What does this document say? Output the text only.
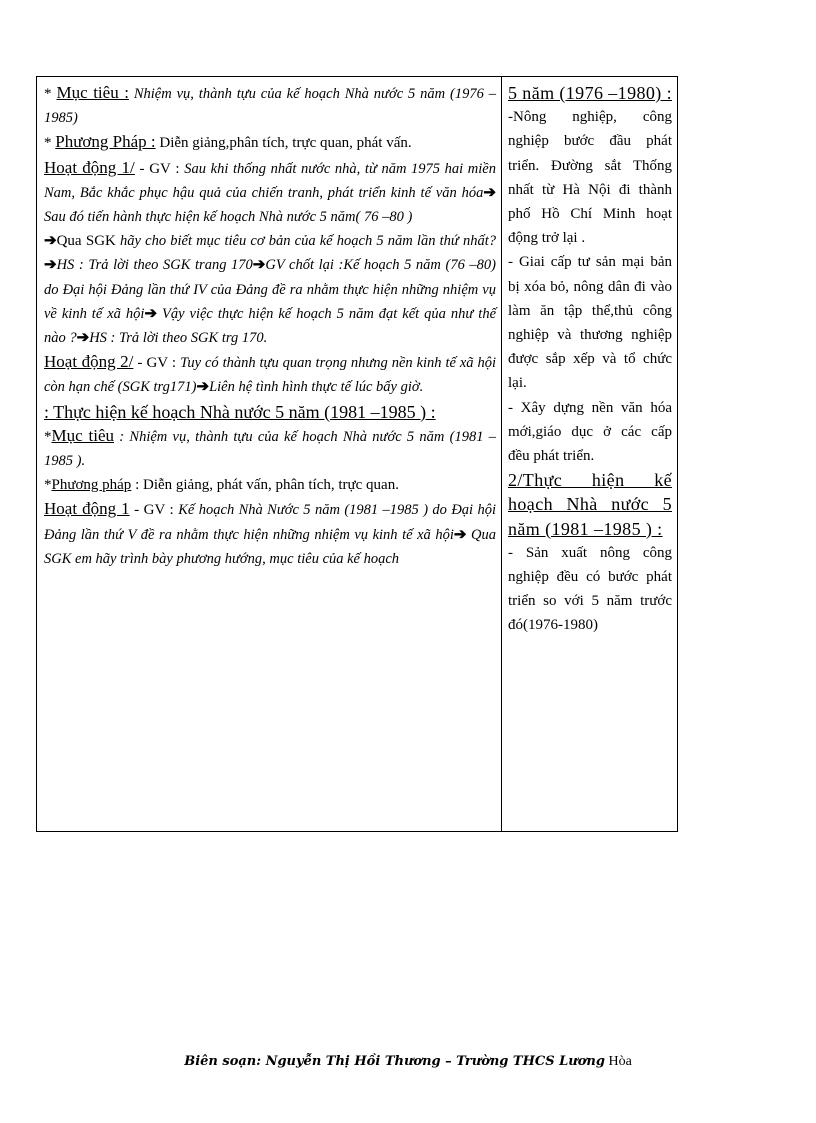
* Mục tiêu : Nhiệm vụ, thành tựu của kế hoạch Nhà nước 5 năm (1976 – 1985)

* Phương Pháp : Diễn giảng,phân tích, trực quan, phát vấn.

Hoạt động 1/ - GV : Sau khi thống nhất nước nhà, từ năm 1975 hai miền Nam, Bắc khắc phục hậu quả của chiến tranh, phát triển kinh tế văn hóa➔ Sau đó tiến hành thực hiện kế hoạch Nhà nước 5 năm( 76 –80 )

➔Qua SGK hãy cho biết mục tiêu cơ bản của kế hoạch 5 năm lần thứ nhất?➔HS : Trả lời theo SGK trang 170➔GV chốt lại :Kế hoạch 5 năm (76 –80) do Đại hội Đảng lần thứ IV của Đảng đề ra nhằm thực hiện những nhiệm vụ về kinh tế xã hội➔ Vậy việc thực hiện kế hoạch 5 năm đạt kết qủa như thế nào ?➔HS : Trả lời theo SGK trg 170.

Hoạt động 2/ - GV : Tuy có thành tựu quan trọng nhưng nền kinh tế xã hội còn hạn chế (SGK trg171)➔Liên hệ tình hình thực tế lúc bấy giờ.

: Thực hiện kế hoạch Nhà nước 5 năm (1981 –1985 ) :

*Mục tiêu : Nhiệm vụ, thành tựu của kế hoạch Nhà nước 5 năm (1981 –1985 ).

*Phương pháp : Diễn giảng, phát vấn, phân tích, trực quan.

Hoạt động 1 - GV : Kế hoạch Nhà Nước 5 năm (1981 –1985 ) do Đại hội Đảng lần thứ V đề ra nhằm thực hiện những nhiệm vụ kinh tế xã hội➔ Qua SGK em hãy trình bày phương hướng, mục tiêu của kế hoạch

5 năm (1976 –1980) :

-Nông nghiệp, công nghiệp bước đầu phát triển. Đường sắt Thống nhất từ Hà Nội đi thành phố Hồ Chí Minh hoạt động trở lại .

- Giai cấp tư sản mại bản bị xóa bỏ, nông dân đi vào làm ăn tập thể,thủ công nghiệp và thương nghiệp được sắp xếp và tổ chức lại.

- Xây dựng nền văn hóa mới,giáo dục ở các cấp đều phát triển.

2/Thực hiện kế hoạch Nhà nước 5 năm (1981 –1985 ) :

- Sản xuất nông công nghiệp đều có bước phát triển so với 5 năm trước đó(1976-1980)

Biên soạn: Nguyễn Thị Hồi Thương – Trường THCS Lương Hòa
